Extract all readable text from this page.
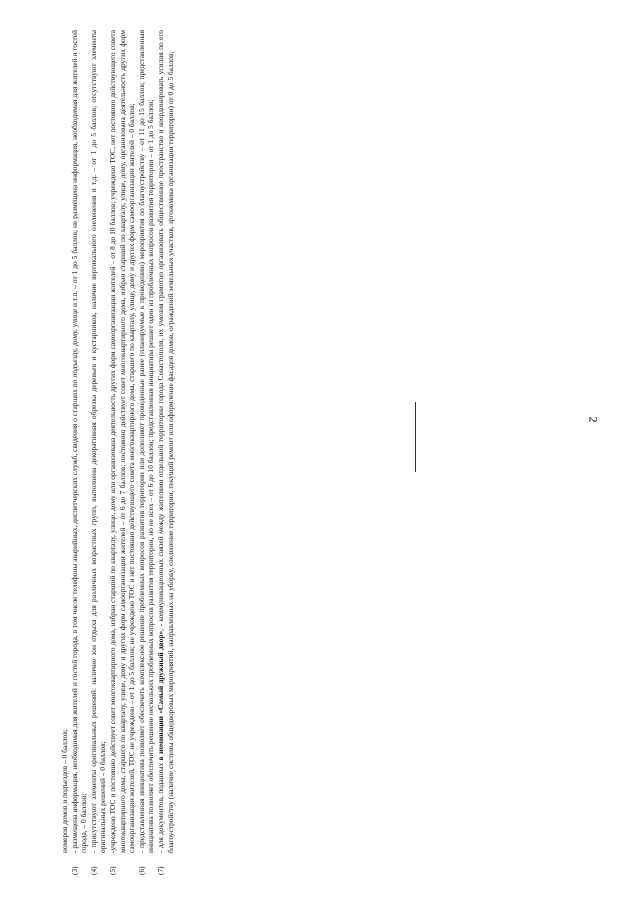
2

номеров домов и подъездов – 0 баллов;

(3)

- размещена информация, необходимая для жителей и гостей города, в том числе телефоны аварийных, диспетчерских служб, сведения о старших по подъезду, дому, улице и т.п. – от 1 до 5 баллов; не размещена информация, необходимая для жителей и гостей города, – 0 баллов;

(4)

- присутствуют элементы оригинальных решений: наличие зон отдыха для различных возрастных групп, выполнена декоративная обрезка деревьев и кустарников, наличие вертикального озеленения и т.д. – от 1 до 5 баллов; отсутствуют элементы оригинальных решений – 0 баллов;

(5)

-учреждено ТОС и постоянно действует совет многоквартирного дома, избран старший по кварталу, улице, дому или организована деятельность других форм самоорганизации жителей – от 8 до 10 баллов; учреждено ТОС, нет постоянно действующего совета многоквартирного дома, старшего по кварталу, улице, дому и других форм самоорганизации жителей – от 6 до 7 баллов; постоянно действует совет многоквартирного дома, избран старший по кварталу, улице, дому, организована деятельность других форм самоорганизации жителей, ТОС не учреждено – от 1 до 5 баллов; не учреждено ТОС и нет постоянно действующего совета многоквартирного дома, старшего по кварталу, улице, дому и других форм самоорганизации жителей – 0 баллов;

(6)

- представленная инициатива позволяет обеспечить комплексное решение проблемных вопросов развития территории или дополняет проведенные ранее (планируемые к проведению) мероприятия по благоустройству – от 11 до 15 баллов; представленная инициатива позволяет обеспечить решение нескольких проблемных вопросов развития территории, но не всех – от 6 до 10 баллов; представленная инициатива решает один из проблемных вопросов развития территории – от 1 до 5 баллов;

(7)

- для документов, поданных в номинации «Самый дружный двор», - коммуникационных связей между жителями отдельной территории города Севастополя, их умения грамотно организовать общественное пространство и координировать усилия по его благоустройству (наличие системы общедворовых мероприятий, направленных на уборку, озеленение территории, текущий ремонт или оформление фасадов домов, ограждений земельных участков, эргономика организации территории) от 0 до 5 баллов;
